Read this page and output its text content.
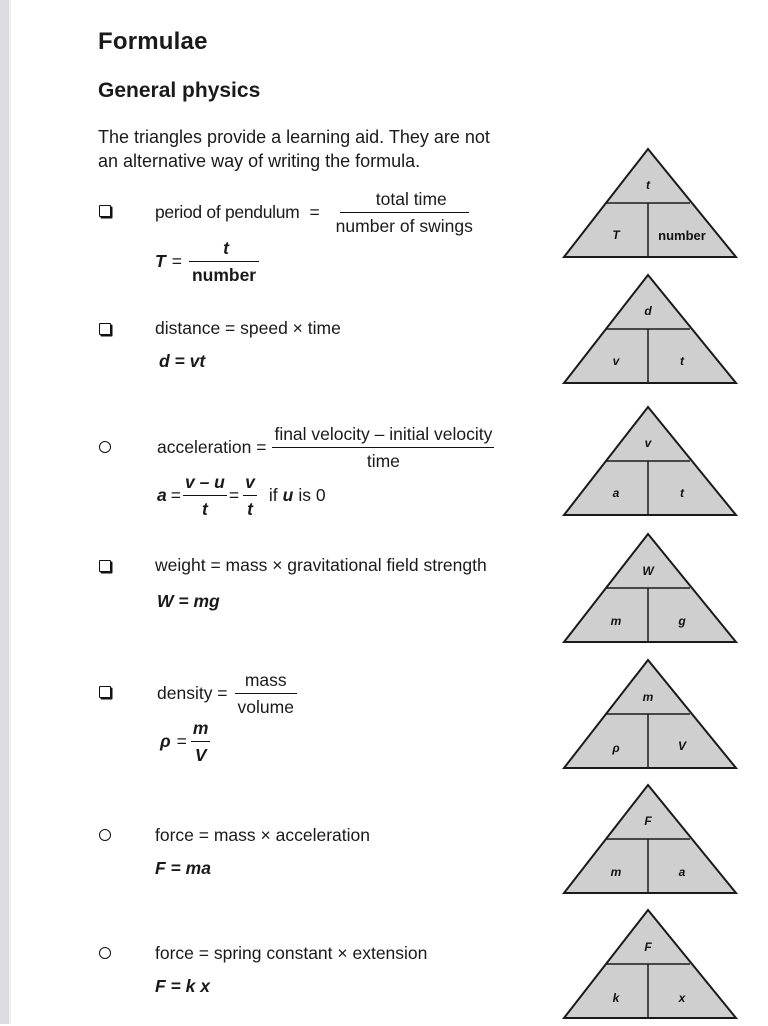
Formulae
General physics

The triangles provide a learning aid. They are not
an alternative way of writing the formula.

period of pendulum = $\frac{\text{total time}}{\text{number of swings}}$
$T = \frac{t}{\text{number}}$
t
T	number
distance = speed × time
d = vt
d
v	t
acceleration = $\frac{\text{final velocity – initial velocity}}{\text{time}}$
$a = \frac{v - u}{t} = \frac{v}{t}$ if u is 0
v
a	t
weight = mass × gravitational field strength
W = mg
W
m	g
density = $\frac{\text{mass}}{\text{volume}}$
$\rho = \frac{m}{V}$
m
ρ	V
force = mass × acceleration
F = ma
F
m	a
force = spring constant × extension
F = k x
F
k	x
